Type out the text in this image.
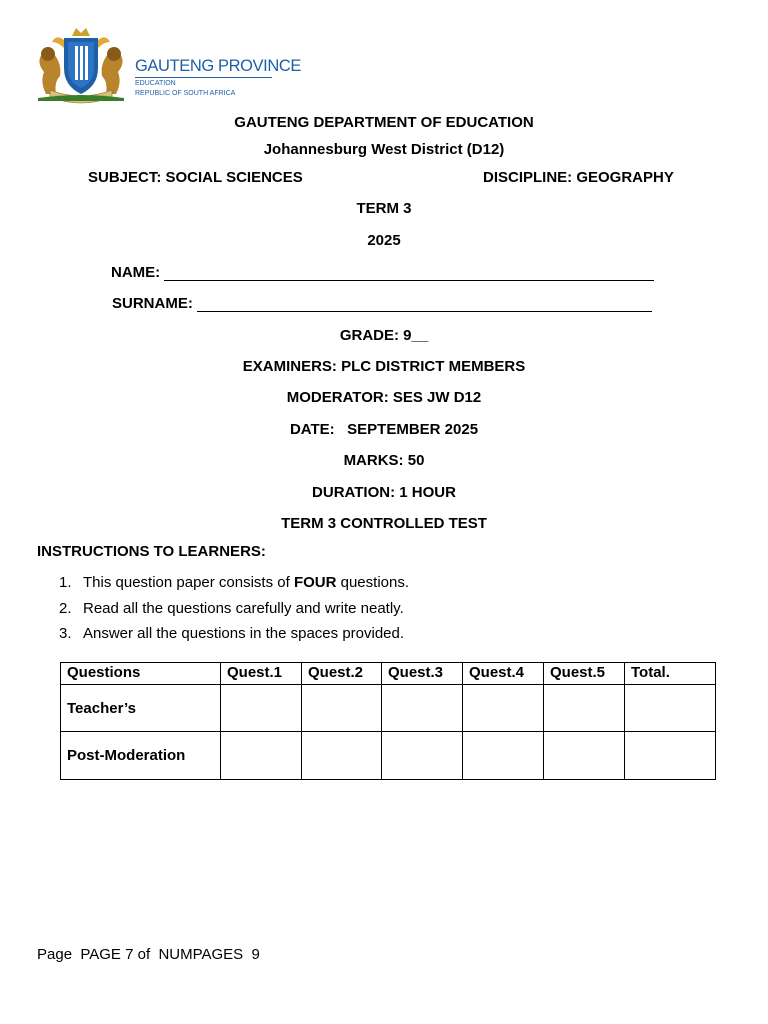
GAUTENG PROVINCE
EDUCATION
REPUBLIC OF SOUTH AFRICA
GAUTENG DEPARTMENT OF EDUCATION
Johannesburg West District (D12)
SUBJECT: SOCIAL SCIENCES	DISCIPLINE: GEOGRAPHY
TERM 3
2025
NAME:
SURNAME:
GRADE: 9__
EXAMINERS: PLC DISTRICT MEMBERS
MODERATOR: SES JW D12
DATE:   SEPTEMBER 2025
MARKS: 50
DURATION: 1 HOUR
TERM 3 CONTROLLED TEST
INSTRUCTIONS TO LEARNERS:
1. This question paper consists of FOUR questions.
2. Read all the questions carefully and write neatly.
3. Answer all the questions in the spaces provided.
Questions	Quest.1	Quest.2	Quest.3	Quest.4	Quest.5	Total.
Teacher’s						
Post-Moderation						
Page  PAGE 7 of  NUMPAGES  9
